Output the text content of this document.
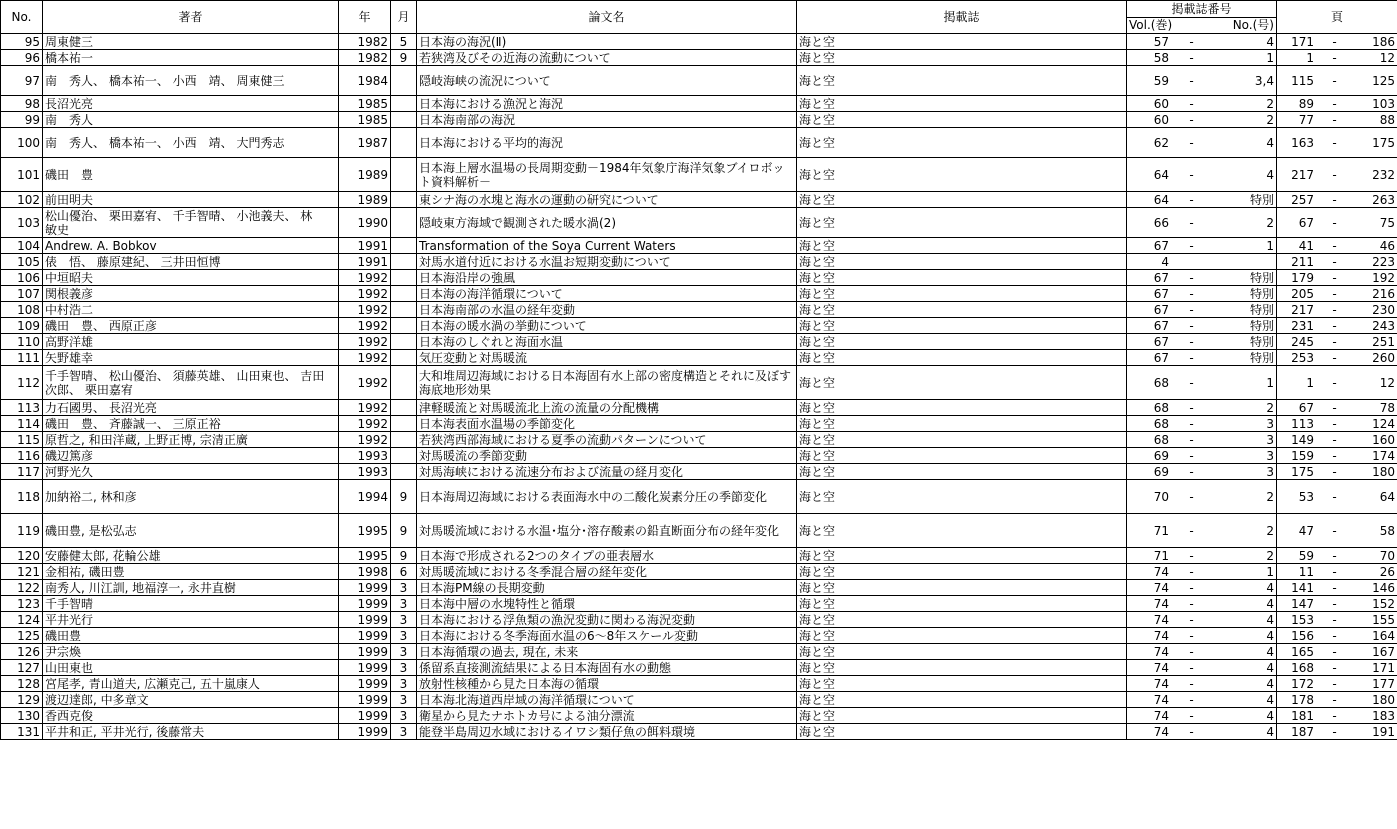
No.	著者	年	月	論文名	掲載誌	掲載誌番号	頁

						Vol.(巻) No.(号)	

95	周東健三	1982	5	日本海の海況(Ⅱ)	海と空	57 - 4	171 - 186

96	橋本祐一	1982	9	若狭湾及びその近海の流動について	海と空	58 - 1	1 - 12

97	南　秀人、 橋本祐一、 小西　靖、 周東健三	1984		隠岐海峡の流況について	海と空	59 - 3,4	115 - 125

98	長沼光亮	1985		日本海における漁況と海況	海と空	60 - 2	89 - 103

99	南　秀人	1985		日本海南部の海況	海と空	60 - 2	77 - 88

100	南　秀人、 橋本祐一、 小西　靖、 大門秀志	1987		日本海における平均的海況	海と空	62 - 4	163 - 175

101	磯田　豊	1989		日本海上層水温場の長周期変動－1984年気象庁海洋気象ブイロボット資料解析－	海と空	64 - 4	217 - 232

102	前田明夫	1989		東シナ海の水塊と海水の運動の研究について	海と空	64 - 特別	257 - 263

103	松山優治、 栗田嘉宥、 千手智晴、 小池義夫、 林　敏史	1990		隠岐東方海域で観測された暖水渦(2)	海と空	66 - 2	67 - 75

104	Andrew. A. Bobkov	1991		Transformation of the Soya Current Waters	海と空	67 - 1	41 - 46

105	俵　悟、 藤原建紀、 三井田恒博	1991		対馬水道付近における水温お短期変動について	海と空	4	211 - 223

106	中垣昭夫	1992		日本海沿岸の強風	海と空	67 - 特別	179 - 192

107	関根義彦	1992		日本海の海洋循環について	海と空	67 - 特別	205 - 216

108	中村浩二	1992		日本海南部の水温の経年変動	海と空	67 - 特別	217 - 230

109	磯田　豊、 西原正彦	1992		日本海の暖水渦の挙動について	海と空	67 - 特別	231 - 243

110	高野洋雄	1992		日本海のしぐれと海面水温	海と空	67 - 特別	245 - 251

111	矢野雄幸	1992		気圧変動と対馬暖流	海と空	67 - 特別	253 - 260

112	千手智晴、 松山優治、 須藤英雄、 山田東也、 吉田次郎、 栗田嘉宥	1992		大和堆周辺海域における日本海固有水上部の密度構造とそれに及ぼす海底地形効果	海と空	68 - 1	1 - 12

113	力石國男、 長沼光亮	1992		津軽暖流と対馬暖流北上流の流量の分配機構	海と空	68 - 2	67 - 78

114	磯田　豊、 斉藤誠一、 三原正裕	1992		日本海表面水温場の季節変化	海と空	68 - 3	113 - 124

115	原哲之, 和田洋蔵, 上野正博, 宗清正廣	1992		若狭湾西部海域における夏季の流動パターンについて	海と空	68 - 3	149 - 160

116	磯辺篤彦	1993		対馬暖流の季節変動	海と空	69 - 3	159 - 174

117	河野光久	1993		対馬海峡における流速分布および流量の経月変化	海と空	69 - 3	175 - 180

118	加納裕二, 林和彦	1994	9	日本海周辺海域における表面海水中の二酸化炭素分圧の季節変化	海と空	70 - 2	53 - 64

119	磯田豊, 是松弘志	1995	9	対馬暖流域における水温･塩分･溶存酸素の鉛直断面分布の経年変化	海と空	71 - 2	47 - 58

120	安藤健太郎, 花輪公雄	1995	9	日本海で形成される2つのタイプの亜表層水	海と空	71 - 2	59 - 70

121	金相祐, 磯田豊	1998	6	対馬暖流域における冬季混合層の経年変化	海と空	74 - 1	11 - 26

122	南秀人, 川江訓, 地福淳一, 永井直樹	1999	3	日本海PM線の長期変動	海と空	74 - 4	141 - 146

123	千手智晴	1999	3	日本海中層の水塊特性と循環	海と空	74 - 4	147 - 152

124	平井光行	1999	3	日本海における浮魚類の漁況変動に関わる海況変動	海と空	74 - 4	153 - 155

125	磯田豊	1999	3	日本海における冬季海面水温の6～8年スケール変動	海と空	74 - 4	156 - 164

126	尹宗煥	1999	3	日本海循環の過去, 現在, 未来	海と空	74 - 4	165 - 167

127	山田東也	1999	3	係留系直接測流結果による日本海固有水の動態	海と空	74 - 4	168 - 171

128	宮尾孝, 青山道夫, 広瀬克己, 五十嵐康人	1999	3	放射性核種から見た日本海の循環	海と空	74 - 4	172 - 177

129	渡辺達郎, 中多章文	1999	3	日本海北海道西岸域の海洋循環について	海と空	74 - 4	178 - 180

130	香西克俊	1999	3	衛星から見たナホトカ号による油分漂流	海と空	74 - 4	181 - 183

131	平井和正, 平井光行, 後藤常夫	1999	3	能登半島周辺水域におけるイワシ類仔魚の餌料環境	海と空	74 - 4	187 - 191
